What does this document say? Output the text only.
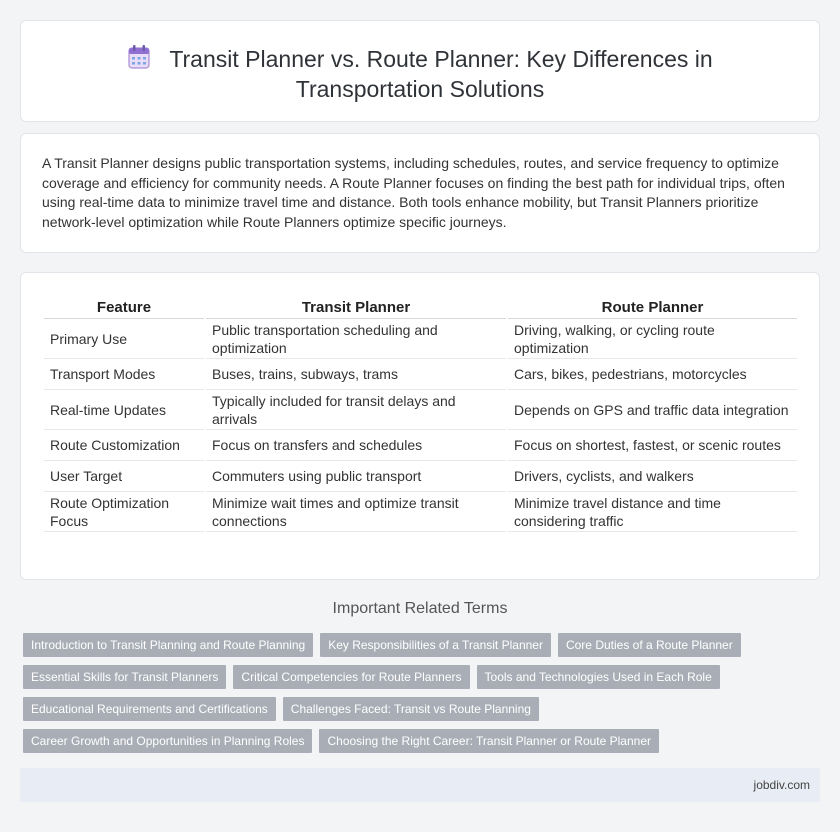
Transit Planner vs. Route Planner: Key Differences in
Transportation Solutions

A Transit Planner designs public transportation systems, including schedules, routes, and service frequency to optimize coverage and efficiency for community needs. A Route Planner focuses on finding the best path for individual trips, often using real-time data to minimize travel time and distance. Both tools enhance mobility, but Transit Planners prioritize network-level optimization while Route Planners optimize specific journeys.

Feature	Transit Planner	Route Planner
Primary Use	Public transportation scheduling and optimization	Driving, walking, or cycling route optimization
Transport Modes	Buses, trains, subways, trams	Cars, bikes, pedestrians, motorcycles
Real-time Updates	Typically included for transit delays and arrivals	Depends on GPS and traffic data integration
Route Customization	Focus on transfers and schedules	Focus on shortest, fastest, or scenic routes
User Target	Commuters using public transport	Drivers, cyclists, and walkers
Route Optimization Focus	Minimize wait times and optimize transit connections	Minimize travel distance and time considering traffic
Important Related Terms
Introduction to Transit Planning and Route Planning	Key Responsibilities of a Transit Planner	Core Duties of a Route Planner
Essential Skills for Transit Planners	Critical Competencies for Route Planners	Tools and Technologies Used in Each Role
Educational Requirements and Certifications	Challenges Faced: Transit vs Route Planning
Career Growth and Opportunities in Planning Roles	Choosing the Right Career: Transit Planner or Route Planner
jobdiv.com
